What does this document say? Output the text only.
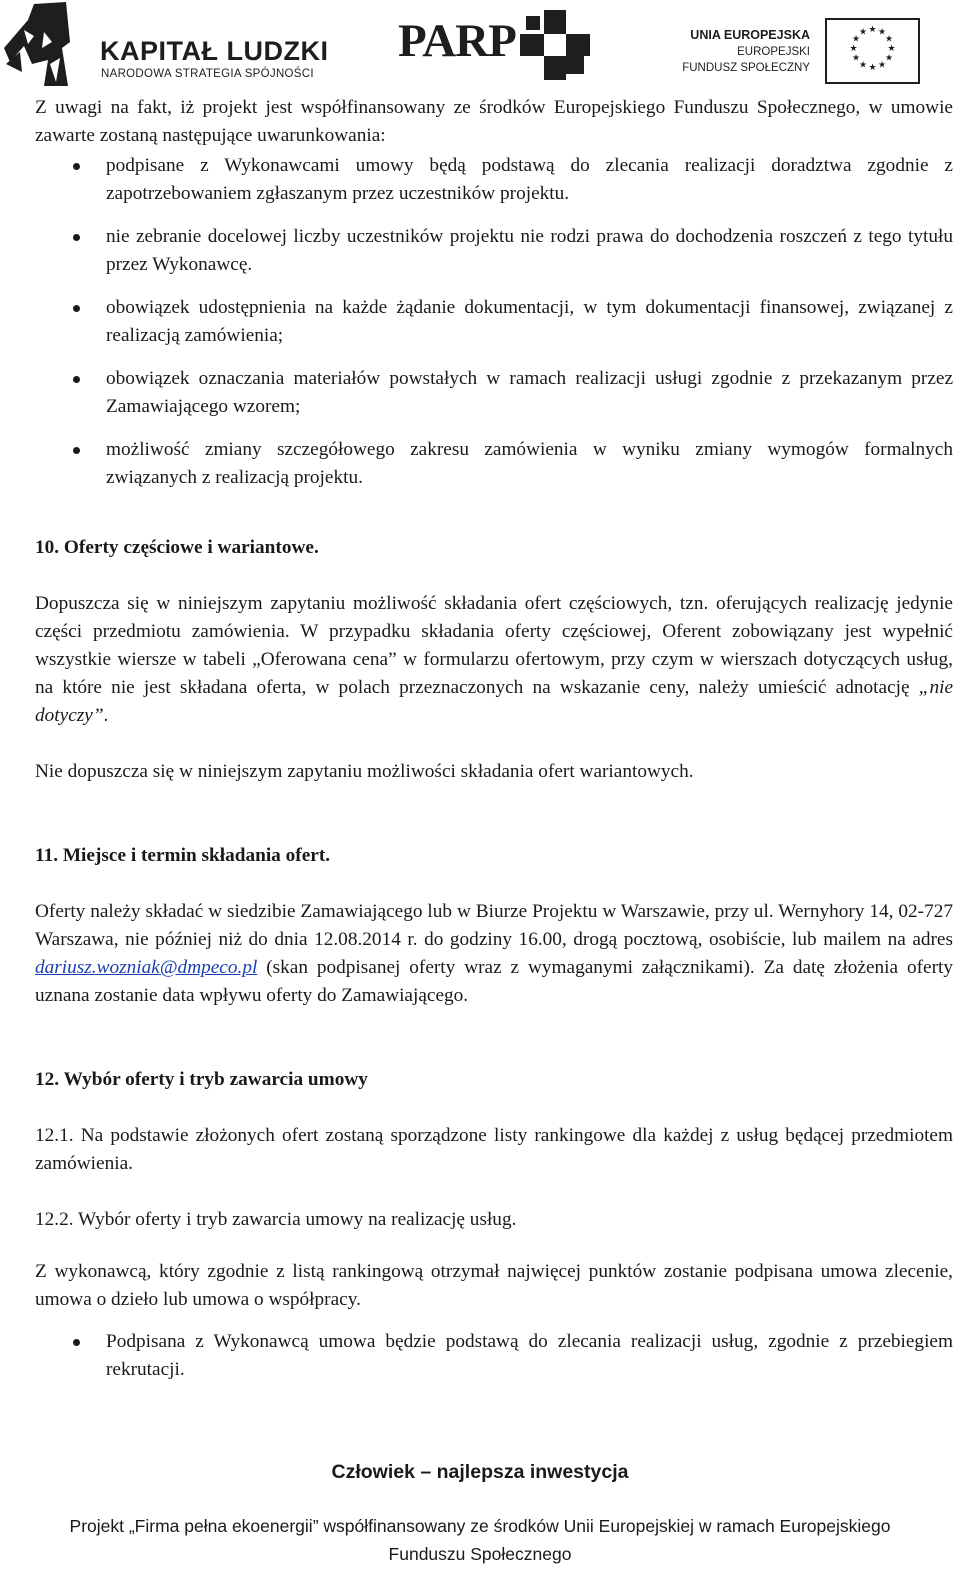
KAPITAŁ LUDZKI
NARODOWA STRATEGIA SPÓJNOŚCI
PARP	UNIA EUROPEJSKA
EUROPEJSKI
FUNDUSZ SPOŁECZNY
★ ★
★
★
★
★
★
★
★
★
★
★

Z uwagi na fakt, iż projekt jest współfinansowany ze środków Europejskiego Funduszu Społecznego, w umowie zawarte zostaną następujące uwarunkowania:

podpisane z Wykonawcami umowy będą podstawą do zlecania realizacji doradztwa zgodnie z zapotrzebowaniem zgłaszanym przez uczestników projektu.

nie zebranie docelowej liczby uczestników projektu nie rodzi prawa do dochodzenia roszczeń z tego tytułu przez Wykonawcę.

obowiązek udostępnienia na każde żądanie dokumentacji, w tym dokumentacji finansowej, związanej z realizacją zamówienia;

obowiązek oznaczania materiałów powstałych w ramach realizacji usługi zgodnie z przekazanym przez Zamawiającego wzorem;

możliwość zmiany szczegółowego zakresu zamówienia w wyniku zmiany wymogów formalnych związanych z realizacją projektu.

10. Oferty częściowe i wariantowe.

Dopuszcza się w niniejszym zapytaniu możliwość składania ofert częściowych, tzn. oferujących realizację jedynie części przedmiotu zamówienia. W przypadku składania oferty częściowej, Oferent zobowiązany jest wypełnić wszystkie wiersze w tabeli „Oferowana cena” w formularzu ofertowym, przy czym w wierszach dotyczących usług, na które nie jest składana oferta, w polach przeznaczonych na wskazanie ceny, należy umieścić adnotację „nie dotyczy”.

Nie dopuszcza się w niniejszym zapytaniu możliwości składania ofert wariantowych.

11. Miejsce i termin składania ofert.

Oferty należy składać w siedzibie Zamawiającego lub w Biurze Projektu w Warszawie, przy ul. Wernyhory 14, 02-727 Warszawa, nie później niż do dnia 12.08.2014 r. do godziny 16.00, drogą pocztową, osobiście, lub mailem na adres dariusz.wozniak@dmpeco.pl (skan podpisanej oferty wraz z wymaganymi załącznikami). Za datę złożenia oferty uznana zostanie data wpływu oferty do Zamawiającego.

12. Wybór oferty i tryb zawarcia umowy

12.1. Na podstawie złożonych ofert zostaną sporządzone listy rankingowe dla każdej z usług będącej przedmiotem zamówienia.

12.2. Wybór oferty i tryb zawarcia umowy na realizację usług.

Z wykonawcą, który zgodnie z listą rankingową otrzymał najwięcej punktów zostanie podpisana umowa zlecenie, umowa o dzieło lub umowa o współpracy.

Podpisana z Wykonawcą umowa będzie podstawą do zlecania realizacji usług, zgodnie z przebiegiem rekrutacji.

Człowiek – najlepsza inwestycja
Projekt „Firma pełna ekoenergii” współfinansowany ze środków Unii Europejskiej w ramach Europejskiego
Funduszu Społecznego
